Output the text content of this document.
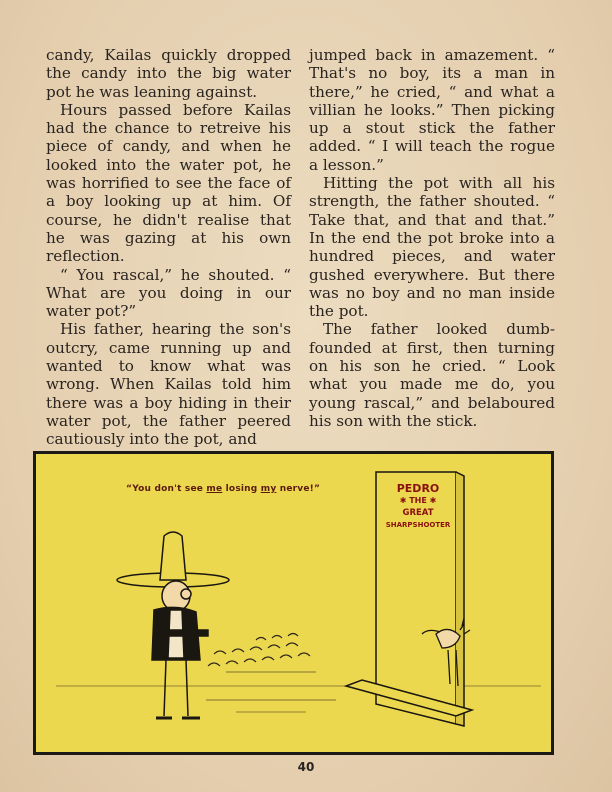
candy, Kailas quickly dropped the candy into the big water pot he was leaning against.

Hours passed before Kailas had the chance to retreive his piece of candy, and when he looked into the water pot, he was horrified to see the face of a boy looking up at him. Of course, he didn't realise that he was gazing at his own reflection.

“ You rascal,” he shouted. “ What are you doing in our water pot?”

His father, hearing the son's outcry, came running up and wanted to know what was wrong. When Kailas told him there was a boy hiding in their water pot, the father peered cautiously into the pot, and

jumped back in amazement. “ That's no boy, its a man in there,” he cried, “ and what a villian he looks.” Then picking up a stout stick the father added. “ I will teach the rogue a lesson.”

Hitting the pot with all his strength, the father shouted. “ Take that, and that and that.” In the end the pot broke into a hundred pieces, and water gushed everywhere. But there was no boy and no man inside the pot.

The father looked dumb-founded at first, then turning on his son he cried. “ Look what you made me do, you young rascal,” and belaboured his son with the stick.

“You don't see me losing my nerve!”	PEDRO
✱ THE ✱
GREAT
SHARPSHOOTER
40
